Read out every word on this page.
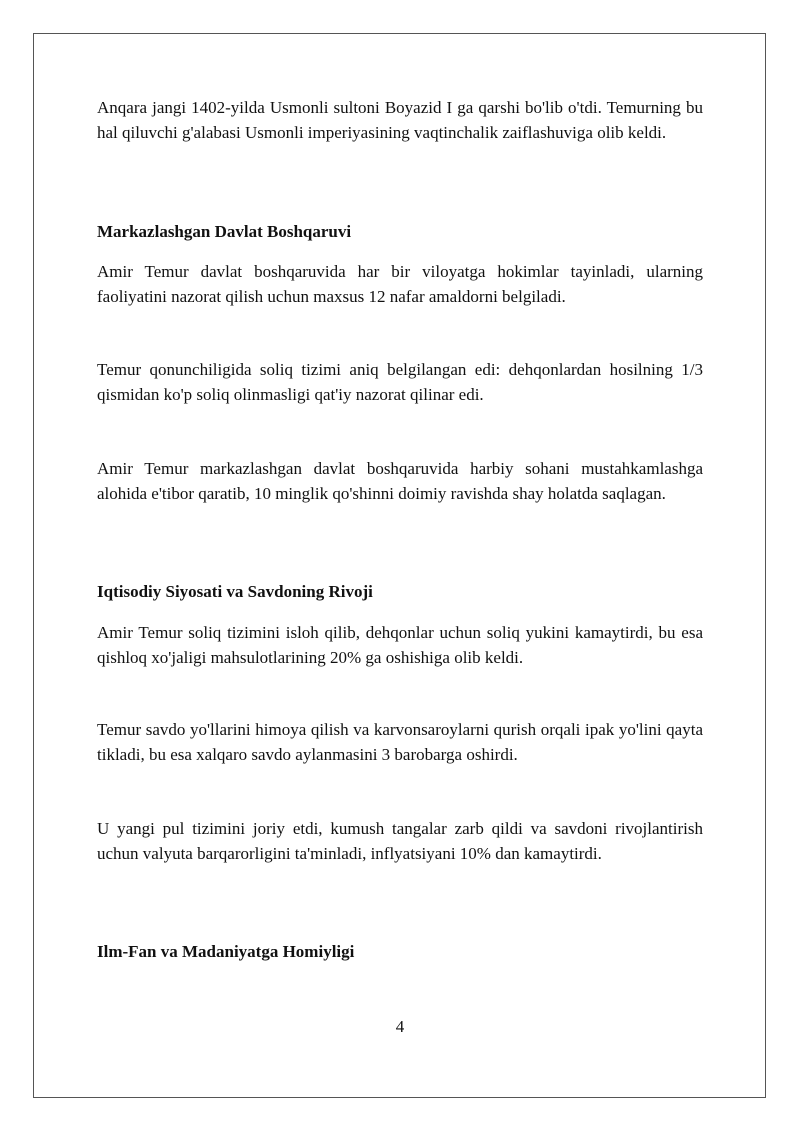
Anqara jangi 1402-yilda Usmonli sultoni Boyazid I ga qarshi bo'lib o'tdi. Temurning bu hal qiluvchi g'alabasi Usmonli imperiyasining vaqtinchalik zaiflashuviga olib keldi.

Markazlashgan Davlat Boshqaruvi

Amir Temur davlat boshqaruvida har bir viloyatga hokimlar tayinladi, ularning faoliyatini nazorat qilish uchun maxsus 12 nafar amaldorni belgiladi.

Temur qonunchiligida soliq tizimi aniq belgilangan edi: dehqonlardan hosilning 1/3 qismidan ko'p soliq olinmasligi qat'iy nazorat qilinar edi.

Amir Temur markazlashgan davlat boshqaruvida harbiy sohani mustahkamlashga alohida e'tibor qaratib, 10 minglik qo'shinni doimiy ravishda shay holatda saqlagan.

Iqtisodiy Siyosati va Savdoning Rivoji

Amir Temur soliq tizimini isloh qilib, dehqonlar uchun soliq yukini kamaytirdi, bu esa qishloq xo'jaligi mahsulotlarining 20% ga oshishiga olib keldi.

Temur savdo yo'llarini himoya qilish va karvonsaroylarni qurish orqali ipak yo'lini qayta tikladi, bu esa xalqaro savdo aylanmasini 3 barobarga oshirdi.

U yangi pul tizimini joriy etdi, kumush tangalar zarb qildi va savdoni rivojlantirish uchun valyuta barqarorligini ta'minladi, inflyatsiyani 10% dan kamaytirdi.

Ilm-Fan va Madaniyatga Homiyligi
4
